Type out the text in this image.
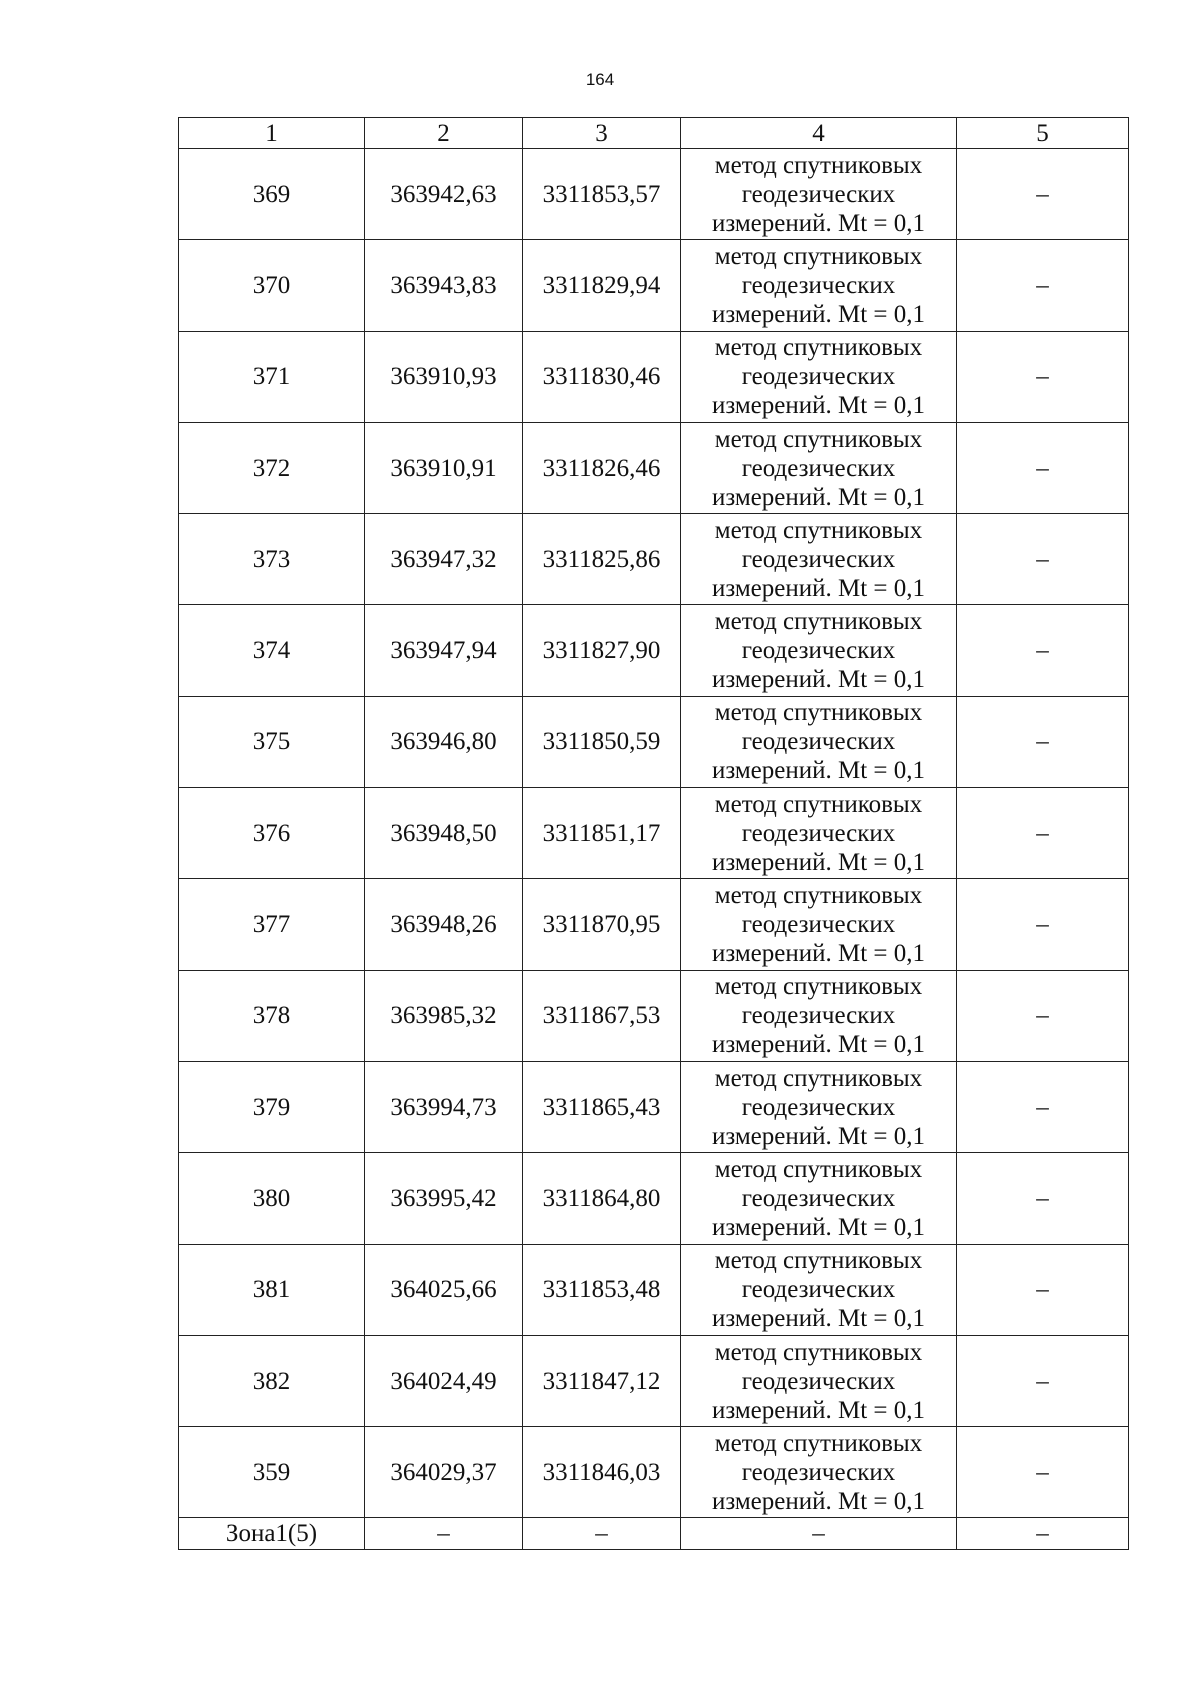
164
1	2	3	4	5
369	363942,63	3311853,57	метод спутниковых
геодезических
измерений. Mt = 0,1	–
370	363943,83	3311829,94	метод спутниковых
геодезических
измерений. Mt = 0,1	–
371	363910,93	3311830,46	метод спутниковых
геодезических
измерений. Mt = 0,1	–
372	363910,91	3311826,46	метод спутниковых
геодезических
измерений. Mt = 0,1	–
373	363947,32	3311825,86	метод спутниковых
геодезических
измерений. Mt = 0,1	–
374	363947,94	3311827,90	метод спутниковых
геодезических
измерений. Mt = 0,1	–
375	363946,80	3311850,59	метод спутниковых
геодезических
измерений. Mt = 0,1	–
376	363948,50	3311851,17	метод спутниковых
геодезических
измерений. Mt = 0,1	–
377	363948,26	3311870,95	метод спутниковых
геодезических
измерений. Mt = 0,1	–
378	363985,32	3311867,53	метод спутниковых
геодезических
измерений. Mt = 0,1	–
379	363994,73	3311865,43	метод спутниковых
геодезических
измерений. Mt = 0,1	–
380	363995,42	3311864,80	метод спутниковых
геодезических
измерений. Mt = 0,1	–
381	364025,66	3311853,48	метод спутниковых
геодезических
измерений. Mt = 0,1	–
382	364024,49	3311847,12	метод спутниковых
геодезических
измерений. Mt = 0,1	–
359	364029,37	3311846,03	метод спутниковых
геодезических
измерений. Mt = 0,1	–
Зона1(5)	–	–	–	–
